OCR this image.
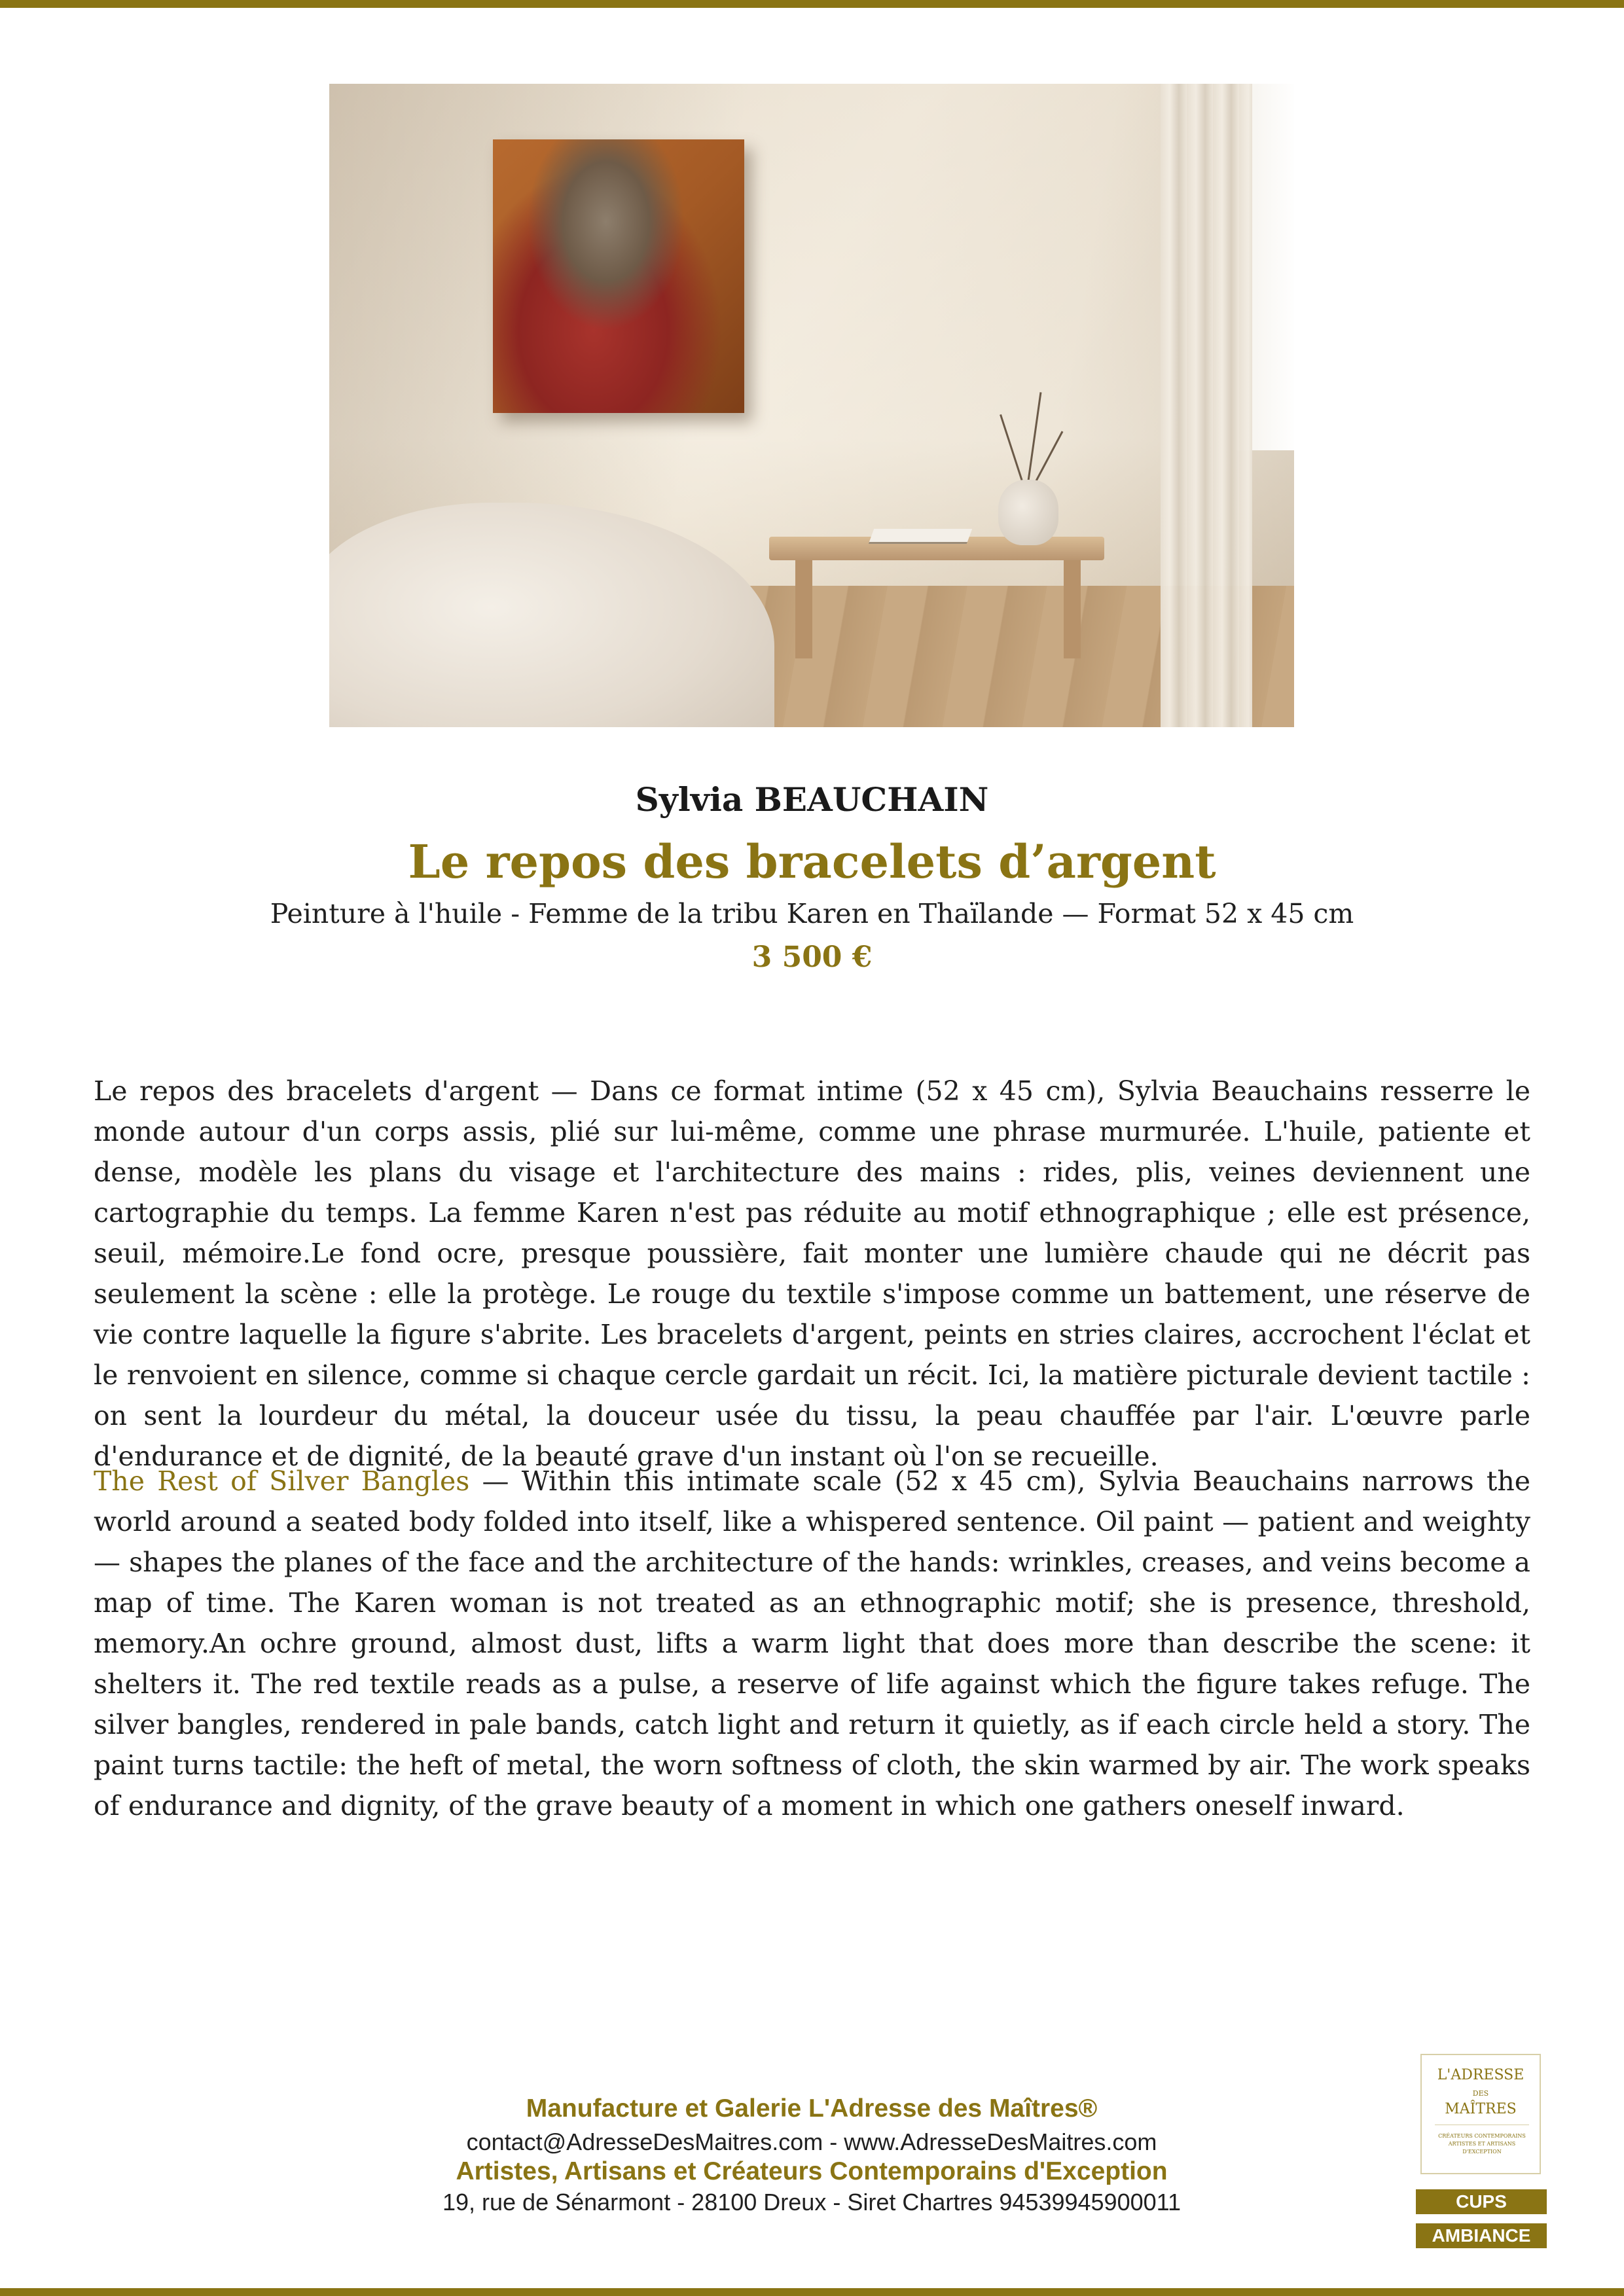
Sylvia BEAUCHAIN
Le repos des bracelets d’argent
Peinture à l'huile - Femme de la tribu Karen en Thaïlande — Format 52 x 45 cm
3 500 €

Le repos des bracelets d'argent — Dans ce format intime (52 x 45 cm), Sylvia Beauchains resserre le monde autour d'un corps assis, plié sur lui-même, comme une phrase murmurée. L'huile, patiente et dense, modèle les plans du visage et l'architecture des mains : rides, plis, veines deviennent une cartographie du temps. La femme Karen n'est pas réduite au motif ethnographique ; elle est présence, seuil, mémoire.Le fond ocre, presque poussière, fait monter une lumière chaude qui ne décrit pas seulement la scène : elle la protège. Le rouge du textile s'impose comme un battement, une réserve de vie contre laquelle la figure s'abrite. Les bracelets d'argent, peints en stries claires, accrochent l'éclat et le renvoient en silence, comme si chaque cercle gardait un récit. Ici, la matière picturale devient tactile : on sent la lourdeur du métal, la douceur usée du tissu, la peau chauffée par l'air. L'œuvre parle d'endurance et de dignité, de la beauté grave d'un instant où l'on se recueille.

The Rest of Silver Bangles — Within this intimate scale (52 x 45 cm), Sylvia Beauchains narrows the world around a seated body folded into itself, like a whispered sentence. Oil paint — patient and weighty — shapes the planes of the face and the architecture of the hands: wrinkles, creases, and veins become a map of time. The Karen woman is not treated as an ethnographic motif; she is presence, threshold, memory.An ochre ground, almost dust, lifts a warm light that does more than describe the scene: it shelters it. The red textile reads as a pulse, a reserve of life against which the figure takes refuge. The silver bangles, rendered in pale bands, catch light and return it quietly, as if each circle held a story. The paint turns tactile: the heft of metal, the worn softness of cloth, the skin warmed by air. The work speaks of endurance and dignity, of the grave beauty of a moment in which one gathers oneself inward.

Manufacture et Galerie L'Adresse des Maîtres®
contact@AdresseDesMaitres.com - www.AdresseDesMaitres.com
Artistes, Artisans et Créateurs Contemporains d'Exception
19, rue de Sénarmont - 28100 Dreux - Siret Chartres 94539945900011
L'ADRESSE
DES
MAÎTRES
CRÉATEURS CONTEMPORAINS ARTISTES ET ARTISANS D'EXCEPTION
CUPS
AMBIANCE
